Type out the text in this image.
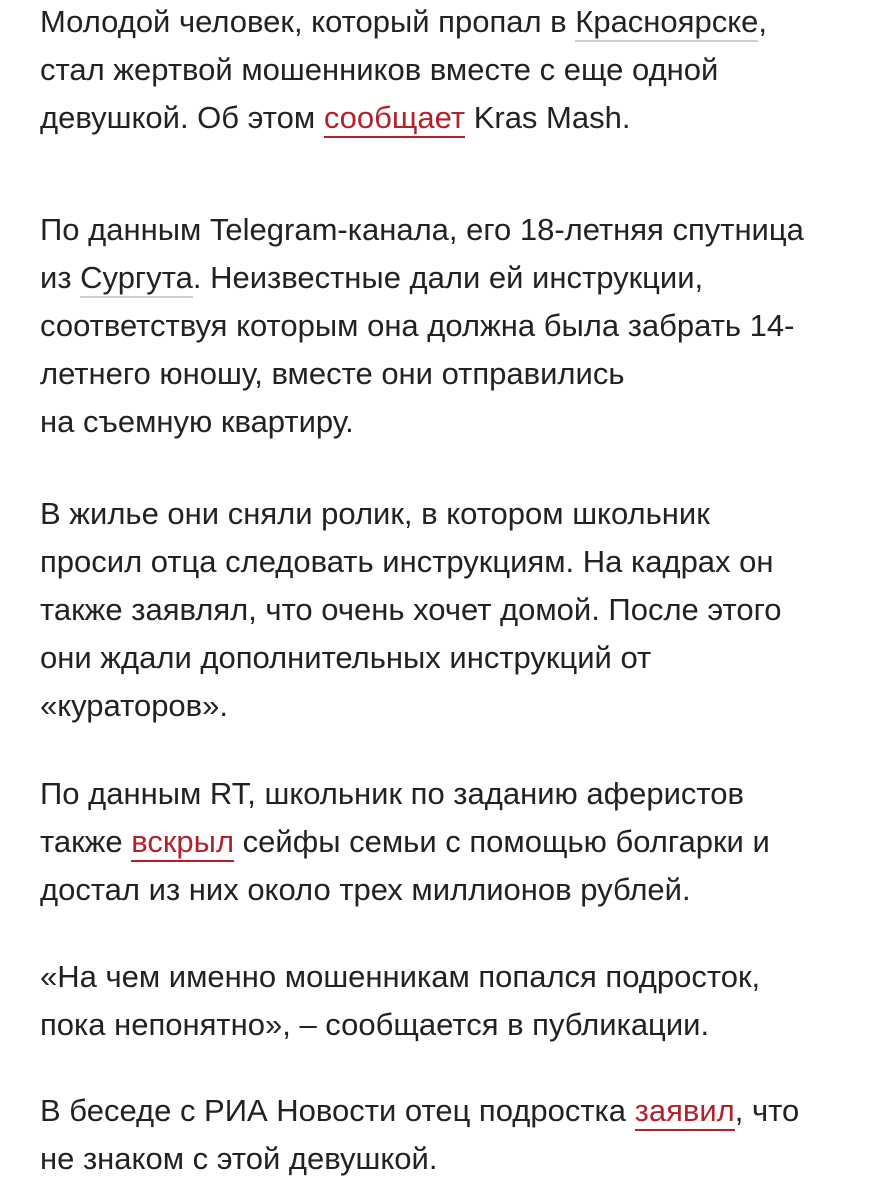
Молодой человек, который пропал в Красноярске,
стал жертвой мошенников вместе с еще одной
девушкой. Об этом сообщает Kras Mash.

По данным Telegram-канала, его 18-летняя спутница
из Сургута. Неизвестные дали ей инструкции,
соответствуя которым она должна была забрать 14-
летнего юношу, вместе они отправились
на съемную квартиру.

В жилье они сняли ролик, в котором школьник
просил отца следовать инструкциям. На кадрах он
также заявлял, что очень хочет домой. После этого
они ждали дополнительных инструкций от
«кураторов».

По данным RT, школьник по заданию аферистов
также вскрыл сейфы семьи с помощью болгарки и
достал из них около трех миллионов рублей.

«На чем именно мошенникам попался подросток,
пока непонятно», – сообщается в публикации.

В беседе с РИА Новости отец подростка заявил, что
не знаком с этой девушкой.
